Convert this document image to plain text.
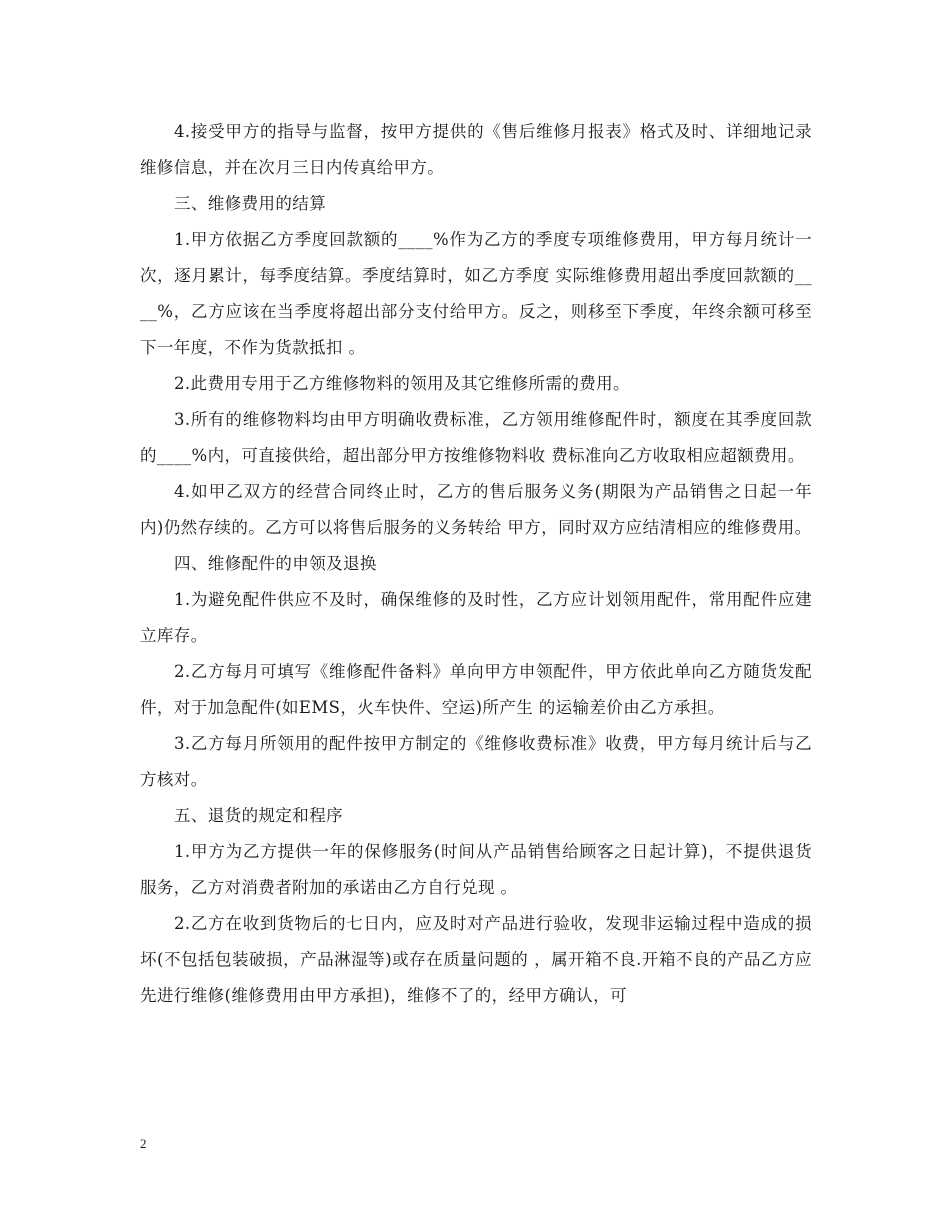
4.接受甲方的指导与监督，按甲方提供的《售后维修月报表》格式及时、详细地记录维修信息，并在次月三日内传真给甲方。

三、维修费用的结算

1.甲方依据乙方季度回款额的____%作为乙方的季度专项维修费用，甲方每月统计一次，逐月累计，每季度结算。季度结算时，如乙方季度 实际维修费用超出季度回款额的____%，乙方应该在当季度将超出部分支付给甲方。反之，则移至下季度，年终余额可移至下一年度，不作为货款抵扣 。

2.此费用专用于乙方维修物料的领用及其它维修所需的费用。

3.所有的维修物料均由甲方明确收费标准，乙方领用维修配件时，额度在其季度回款的____%内，可直接供给，超出部分甲方按维修物料收 费标准向乙方收取相应超额费用。

4.如甲乙双方的经营合同终止时，乙方的售后服务义务(期限为产品销售之日起一年内)仍然存续的。乙方可以将售后服务的义务转给 甲方，同时双方应结清相应的维修费用。

四、维修配件的申领及退换

1.为避免配件供应不及时，确保维修的及时性，乙方应计划领用配件，常用配件应建立库存。

2.乙方每月可填写《维修配件备料》单向甲方申领配件，甲方依此单向乙方随货发配件，对于加急配件(如EMS，火车快件、空运)所产生 的运输差价由乙方承担。

3.乙方每月所领用的配件按甲方制定的《维修收费标准》收费，甲方每月统计后与乙方核对。

五、退货的规定和程序

1.甲方为乙方提供一年的保修服务(时间从产品销售给顾客之日起计算)，不提供退货服务，乙方对消费者附加的承诺由乙方自行兑现 。

2.乙方在收到货物后的七日内，应及时对产品进行验收，发现非运输过程中造成的损坏(不包括包装破损，产品淋湿等)或存在质量问题的 ，属开箱不良.开箱不良的产品乙方应先进行维修(维修费用由甲方承担)，维修不了的，经甲方确认，可

2
